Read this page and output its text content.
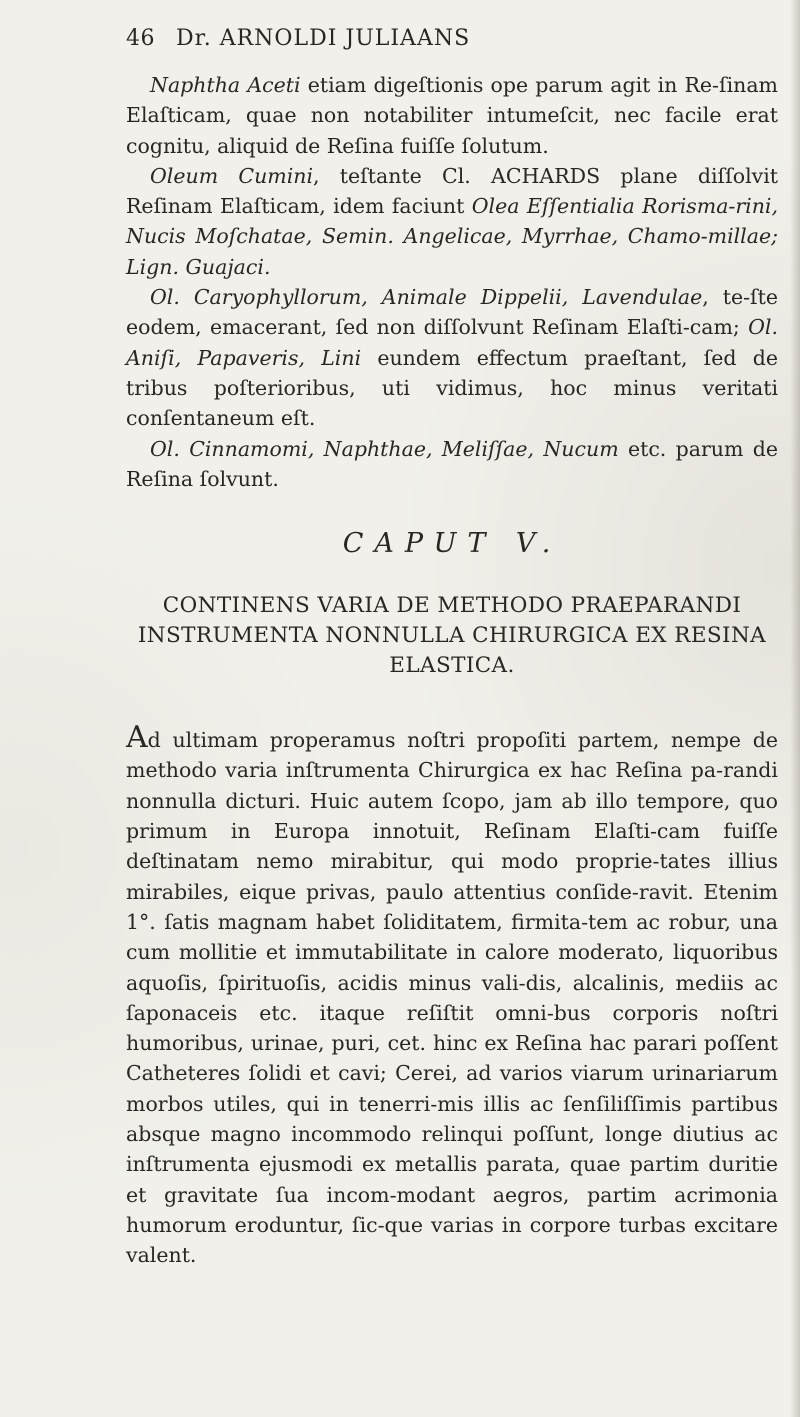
46 Dr. ARNOLDI JULIAANS

Naphtha Aceti etiam digeſtionis ope parum agit in Re-ſinam Elaſticam, quae non notabiliter intumeſcit, nec facile erat cognitu, aliquid de Reſina fuiſſe ſolutum.

Oleum Cumini, teſtante Cl. ACHARDS plane diſſolvit Reſinam Elaſticam, idem faciunt Olea Eſſentialia Rorisma-rini, Nucis Moſchatae, Semin. Angelicae, Myrrhae, Chamo-millae; Lign. Guajaci.

Ol. Caryophyllorum, Animale Dippelii, Lavendulae, te-ſte eodem, emacerant, ſed non diſſolvunt Reſinam Elaſti-cam; Ol. Aniſi, Papaveris, Lini eundem effectum praeſtant, ſed de tribus poſterioribus, uti vidimus, hoc minus veritati conſentaneum eſt.

Ol. Cinnamomi, Naphthae, Meliſſae, Nucum etc. parum de Reſina ſolvunt.

CAPUT V.
CONTINENS VARIA DE METHODO PRAEPARANDI INSTRUMENTA NONNULLA CHIRURGICA EX RESINA ELASTICA.

Ad ultimam properamus noſtri propoſiti partem, nempe de methodo varia inſtrumenta Chirurgica ex hac Reſina pa-randi nonnulla dicturi. Huic autem ſcopo, jam ab illo tempore, quo primum in Europa innotuit, Reſinam Elaſti-cam fuiſſe deſtinatam nemo mirabitur, qui modo proprie-tates illius mirabiles, eique privas, paulo attentius conſide-ravit. Etenim 1°. ſatis magnam habet ſoliditatem, firmita-tem ac robur, una cum mollitie et immutabilitate in calore moderato, liquoribus aquoſis, ſpirituoſis, acidis minus vali-dis, alcalinis, mediis ac ſaponaceis etc. itaque reſiſtit omni-bus corporis noſtri humoribus, urinae, puri, cet. hinc ex Reſina hac parari poſſent Catheteres ſolidi et cavi; Cerei, ad varios viarum urinariarum morbos utiles, qui in tenerri-mis illis ac ſenſiliſſimis partibus absque magno incommodo relinqui poſſunt, longe diutius ac inſtrumenta ejusmodi ex metallis parata, quae partim duritie et gravitate ſua incom-modant aegros, partim acrimonia humorum eroduntur, ſic-que varias in corpore turbas excitare valent.
